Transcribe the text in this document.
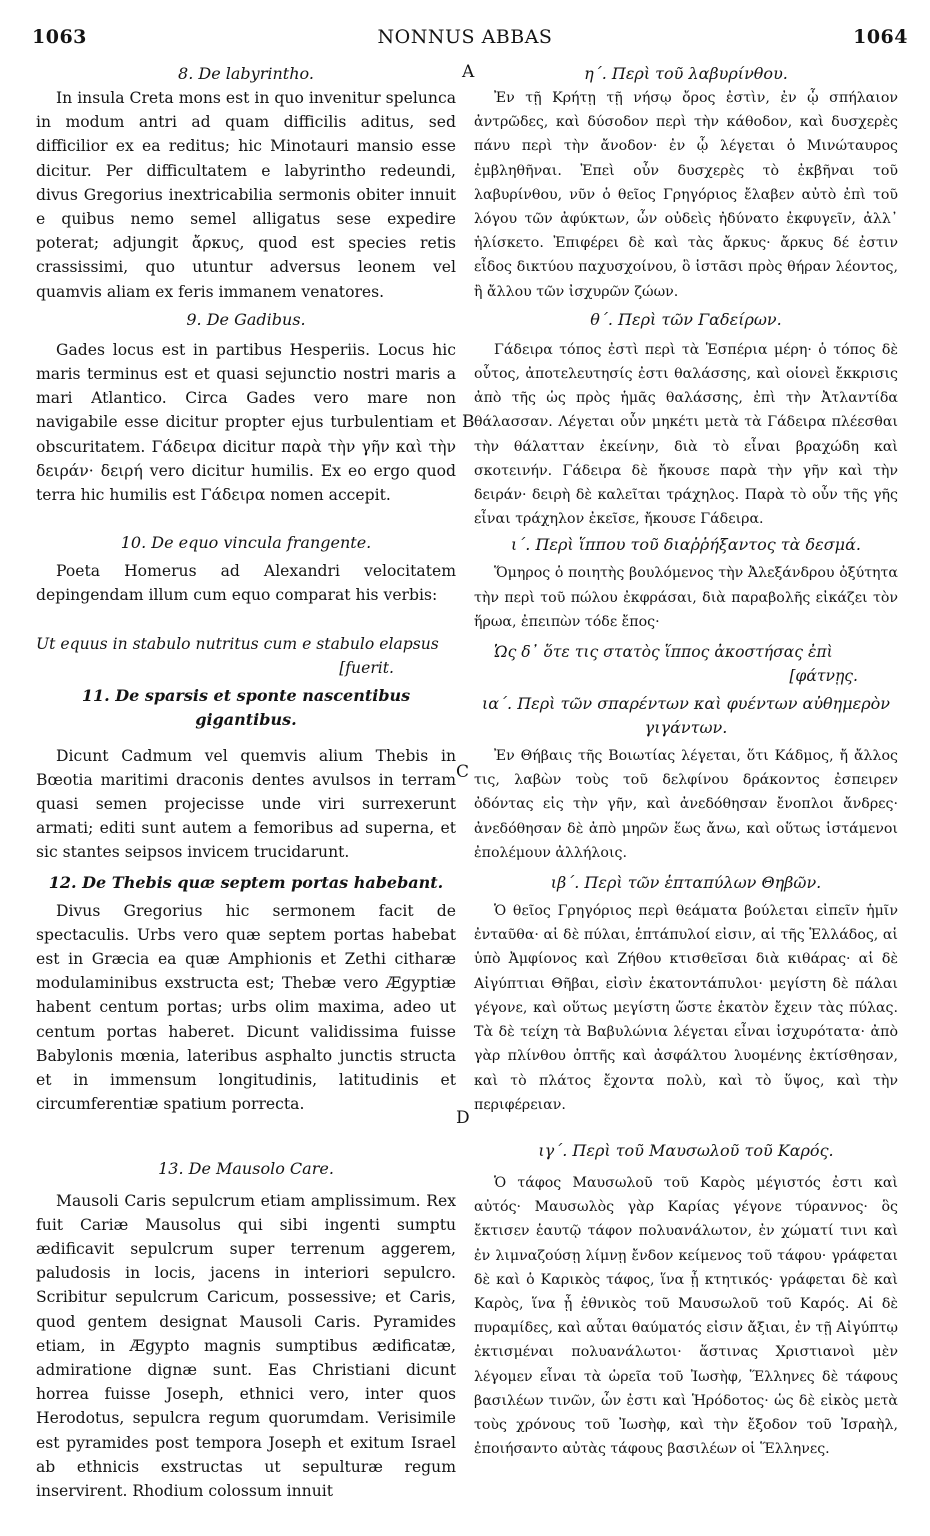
1063	NONNUS ABBAS	1064
A
B
C
D

8. De labyrintho.

In insula Creta mons est in quo invenitur spelunca in modum antri ad quam difficilis aditus, sed difficilior ex ea reditus; hic Minotauri mansio esse dicitur. Per difficultatem e labyrintho redeundi, divus Gregorius inextricabilia sermonis obiter innuit e quibus nemo semel alligatus sese expedire poterat; adjungit ἄρκυς, quod est species retis crassissimi, quo utuntur adversus leonem vel quamvis aliam ex feris immanem venatores.

9. De Gadibus.

Gades locus est in partibus Hesperiis. Locus hic maris terminus est et quasi sejunctio nostri maris a mari Atlantico. Circa Gades vero mare non navigabile esse dicitur propter ejus turbulentiam et obscuritatem. Γάδειρα dicitur παρὰ τὴν γῆν καὶ τὴν δειράν· δειρή vero dicitur humilis. Ex eo ergo quod terra hic humilis est Γάδειρα nomen accepit.

10. De equo vincula frangente.

Poeta Homerus ad Alexandri velocitatem depingendam illum cum equo comparat his verbis:

Ut equus in stabulo nutritus cum e stabulo elapsus

[fuerit.

11. De sparsis et sponte nascentibus gigantibus.

Dicunt Cadmum vel quemvis alium Thebis in Bœotia maritimi draconis dentes avulsos in terram quasi semen projecisse unde viri surrexerunt armati; editi sunt autem a femoribus ad superna, et sic stantes seipsos invicem trucidarunt.

12. De Thebis quæ septem portas habebant.

Divus Gregorius hic sermonem facit de spectaculis. Urbs vero quæ septem portas habebat est in Græcia ea quæ Amphionis et Zethi citharæ modulaminibus exstructa est; Thebæ vero Ægyptiæ habent centum portas; urbs olim maxima, adeo ut centum portas haberet. Dicunt validissima fuisse Babylonis mœnia, lateribus asphalto junctis structa et in immensum longitudinis, latitudinis et circumferentiæ spatium porrecta.

13. De Mausolo Care.

Mausoli Caris sepulcrum etiam amplissimum. Rex fuit Cariæ Mausolus qui sibi ingenti sumptu ædificavit sepulcrum super terrenum aggerem, paludosis in locis, jacens in interiori sepulcro. Scribitur sepulcrum Caricum, possessive; et Caris, quod gentem designat Mausoli Caris. Pyramides etiam, in Ægypto magnis sumptibus ædificatæ, admiratione dignæ sunt. Eas Christiani dicunt horrea fuisse Joseph, ethnici vero, inter quos Herodotus, sepulcra regum quorumdam. Verisimile est pyramides post tempora Joseph et exitum Israel ab ethnicis exstructas ut sepulturæ regum inservirent. Rhodium colossum innuit

η΄. Περὶ τοῦ λαβυρίνθου.

Ἐν τῇ Κρήτῃ τῇ νήσῳ ὄρος ἐστὶν, ἐν ᾧ σπήλαιον ἀντρῶδες, καὶ δύσοδον περὶ τὴν κάθοδον, καὶ δυσχερὲς πάνυ περὶ τὴν ἄνοδον· ἐν ᾧ λέγεται ὁ Μινώταυρος ἐμβληθῆναι. Ἐπεὶ οὖν δυσχερὲς τὸ ἐκβῆναι τοῦ λαβυρίνθου, νῦν ὁ θεῖος Γρηγόριος ἔλαβεν αὐτὸ ἐπὶ τοῦ λόγου τῶν ἀφύκτων, ὧν οὐδεὶς ἠδύνατο ἐκφυγεῖν, ἀλλ᾽ ἡλίσκετο. Ἐπιφέρει δὲ καὶ τὰς ἄρκυς· ἄρκυς δέ ἐστιν εἶδος δικτύου παχυσχοίνου, ὃ ἱστᾶσι πρὸς θήραν λέοντος, ἢ ἄλλου τῶν ἰσχυρῶν ζώων.

θ΄. Περὶ τῶν Γαδείρων.

Γάδειρα τόπος ἐστὶ περὶ τὰ Ἑσπέρια μέρη· ὁ τόπος δὲ οὗτος, ἀποτελευτησίς ἐστι θαλάσσης, καὶ οἱονεὶ ἔκκρισις ἀπὸ τῆς ὡς πρὸς ἡμᾶς θαλάσσης, ἐπὶ τὴν Ἀτλαντίδα θάλασσαν. Λέγεται οὖν μηκέτι μετὰ τὰ Γάδειρα πλέεσθαι τὴν θάλατταν ἐκείνην, διὰ τὸ εἶναι βραχώδη καὶ σκοτεινήν. Γάδειρα δὲ ἤκουσε παρὰ τὴν γῆν καὶ τὴν δειράν· δειρὴ δὲ καλεῖται τράχηλος. Παρὰ τὸ οὖν τῆς γῆς εἶναι τράχηλον ἐκεῖσε, ἤκουσε Γάδειρα.

ι΄. Περὶ ἵππου τοῦ διαῤῥήξαντος τὰ δεσμά.

Ὅμηρος ὁ ποιητὴς βουλόμενος τὴν Ἀλεξάνδρου ὀξύτητα τὴν περὶ τοῦ πώλου ἐκφράσαι, διὰ παραβολῆς εἰκάζει τὸν ἥρωα, ἐπειπὼν τόδε ἔπος·

Ὡς δ᾽ ὅτε τις στατὸς ἵππος ἀκοστήσας ἐπὶ

[φάτνῃς.

ια΄. Περὶ τῶν σπαρέντων καὶ φυέντων αὐθημερὸν γιγάντων.

Ἐν Θήβαις τῆς Βοιωτίας λέγεται, ὅτι Κάδμος, ἤ ἄλλος τις, λαβὼν τοὺς τοῦ δελφίνου δράκοντος ἐσπειρεν ὀδόντας εἰς τὴν γῆν, καὶ ἀνεδόθησαν ἔνοπλοι ἄνδρες· ἀνεδόθησαν δὲ ἀπὸ μηρῶν ἕως ἄνω, καὶ οὕτως ἱστάμενοι ἐπολέμουν ἀλλήλοις.

ιβ΄. Περὶ τῶν ἑπταπύλων Θηβῶν.

Ὁ θεῖος Γρηγόριος περὶ θεάματα βούλεται εἰπεῖν ἡμῖν ἐνταῦθα· αἱ δὲ πύλαι, ἑπτάπυλοί εἰσιν, αἱ τῆς Ἑλλάδος, αἱ ὑπὸ Ἀμφίονος καὶ Ζήθου κτισθεῖσαι διὰ κιθάρας· αἱ δὲ Αἰγύπτιαι Θῆβαι, εἰσὶν ἑκατοντάπυλοι· μεγίστη δὲ πάλαι γέγονε, καὶ οὕτως μεγίστη ὥστε ἑκατὸν ἔχειν τὰς πύλας. Τὰ δὲ τείχη τὰ Βαβυλώνια λέγεται εἶναι ἰσχυρότατα· ἀπὸ γὰρ πλίνθου ὀπτῆς καὶ ἀσφάλτου λυομένης ἐκτίσθησαν, καὶ τὸ πλάτος ἔχοντα πολὺ, καὶ τὸ ὕψος, καὶ τὴν περιφέρειαν.

ιγ΄. Περὶ τοῦ Μαυσωλοῦ τοῦ Καρός.

Ὁ τάφος Μαυσωλοῦ τοῦ Καρὸς μέγιστός ἐστι καὶ αὐτός· Μαυσωλὸς γὰρ Καρίας γέγονε τύραννος· ὃς ἔκτισεν ἑαυτῷ τάφον πολυανάλωτον, ἐν χώματί τινι καὶ ἐν λιμναζούσῃ λίμνῃ ἔνδον κείμενος τοῦ τάφου· γράφεται δὲ καὶ ὁ Καρικὸς τάφος, ἵνα ᾖ κτητικός· γράφεται δὲ καὶ Καρὸς, ἵνα ᾖ ἐθνικὸς τοῦ Μαυσωλοῦ τοῦ Καρός. Αἱ δὲ πυραμίδες, καὶ αὗται θαύματός εἰσιν ἄξιαι, ἐν τῇ Αἰγύπτῳ ἐκτισμέναι πολυανάλωτοι· ἅστινας Χριστιανοὶ μὲν λέγομεν εἶναι τὰ ὡρεῖα τοῦ Ἰωσὴφ, Ἕλληνες δὲ τάφους βασιλέων τινῶν, ὧν ἐστι καὶ Ἡρόδοτος· ὡς δὲ εἰκὸς μετὰ τοὺς χρόνους τοῦ Ἰωσὴφ, καὶ τὴν ἔξοδον τοῦ Ἰσραὴλ, ἐποιήσαντο αὐτὰς τάφους βασιλέων οἱ Ἕλληνες.
